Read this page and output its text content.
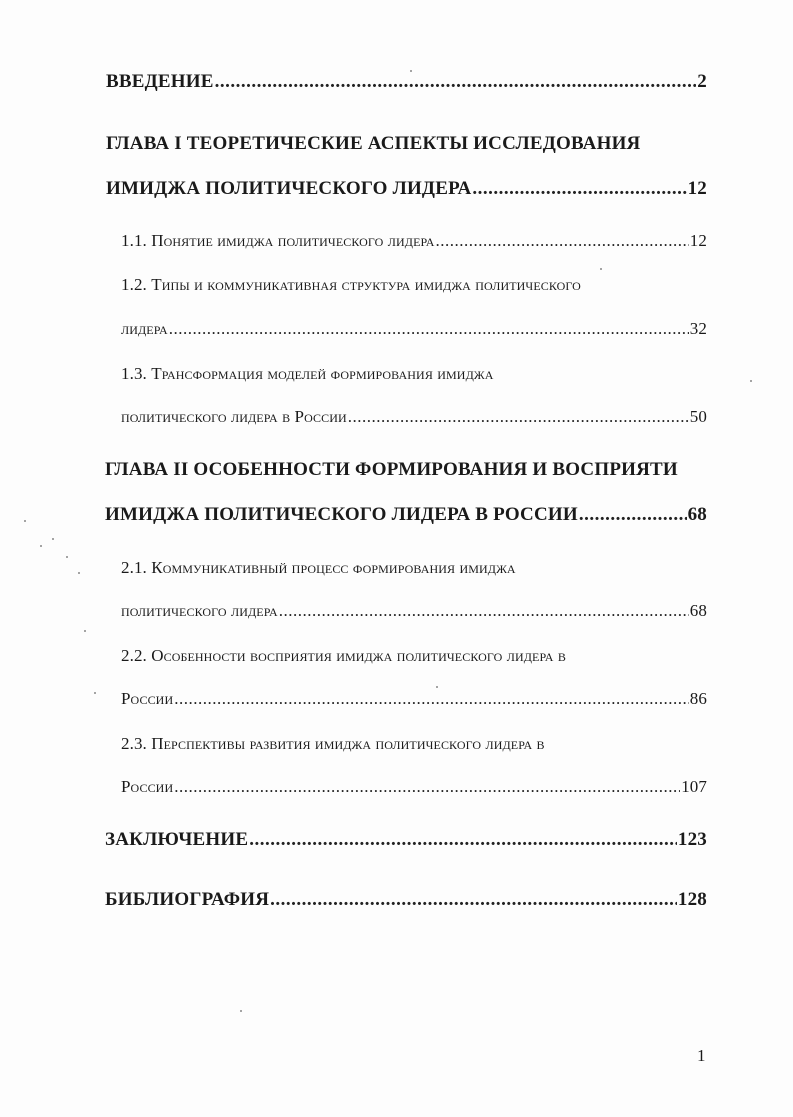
ВВЕДЕНИЕ .....	2
ГЛАВА I ТЕОРЕТИЧЕСКИЕ АСПЕКТЫ ИССЛЕДОВАНИЯ
ИМИДЖА ПОЛИТИЧЕСКОГО ЛИДЕРА .....	12
1.1. Понятие имиджа политического лидера .....	12
1.2. Типы и коммуникативная структура имиджа политического
лидера .....	32
1.3. Трансформация моделей формирования имиджа
политического лидера в России .....	50
ГЛАВА II ОСОБЕННОСТИ ФОРМИРОВАНИЯ И ВОСПРИЯТИ
ИМИДЖА ПОЛИТИЧЕСКОГО ЛИДЕРА В РОССИИ .....	68
2.1. Коммуникативный процесс формирования имиджа
политического лидера .....	68
2.2. Особенности восприятия имиджа политического лидера в
России .....	86
2.3. Перспективы развития имиджа политического лидера в
России .....	107
ЗАКЛЮЧЕНИЕ .....	123
БИБЛИОГРАФИЯ .....	128
1
